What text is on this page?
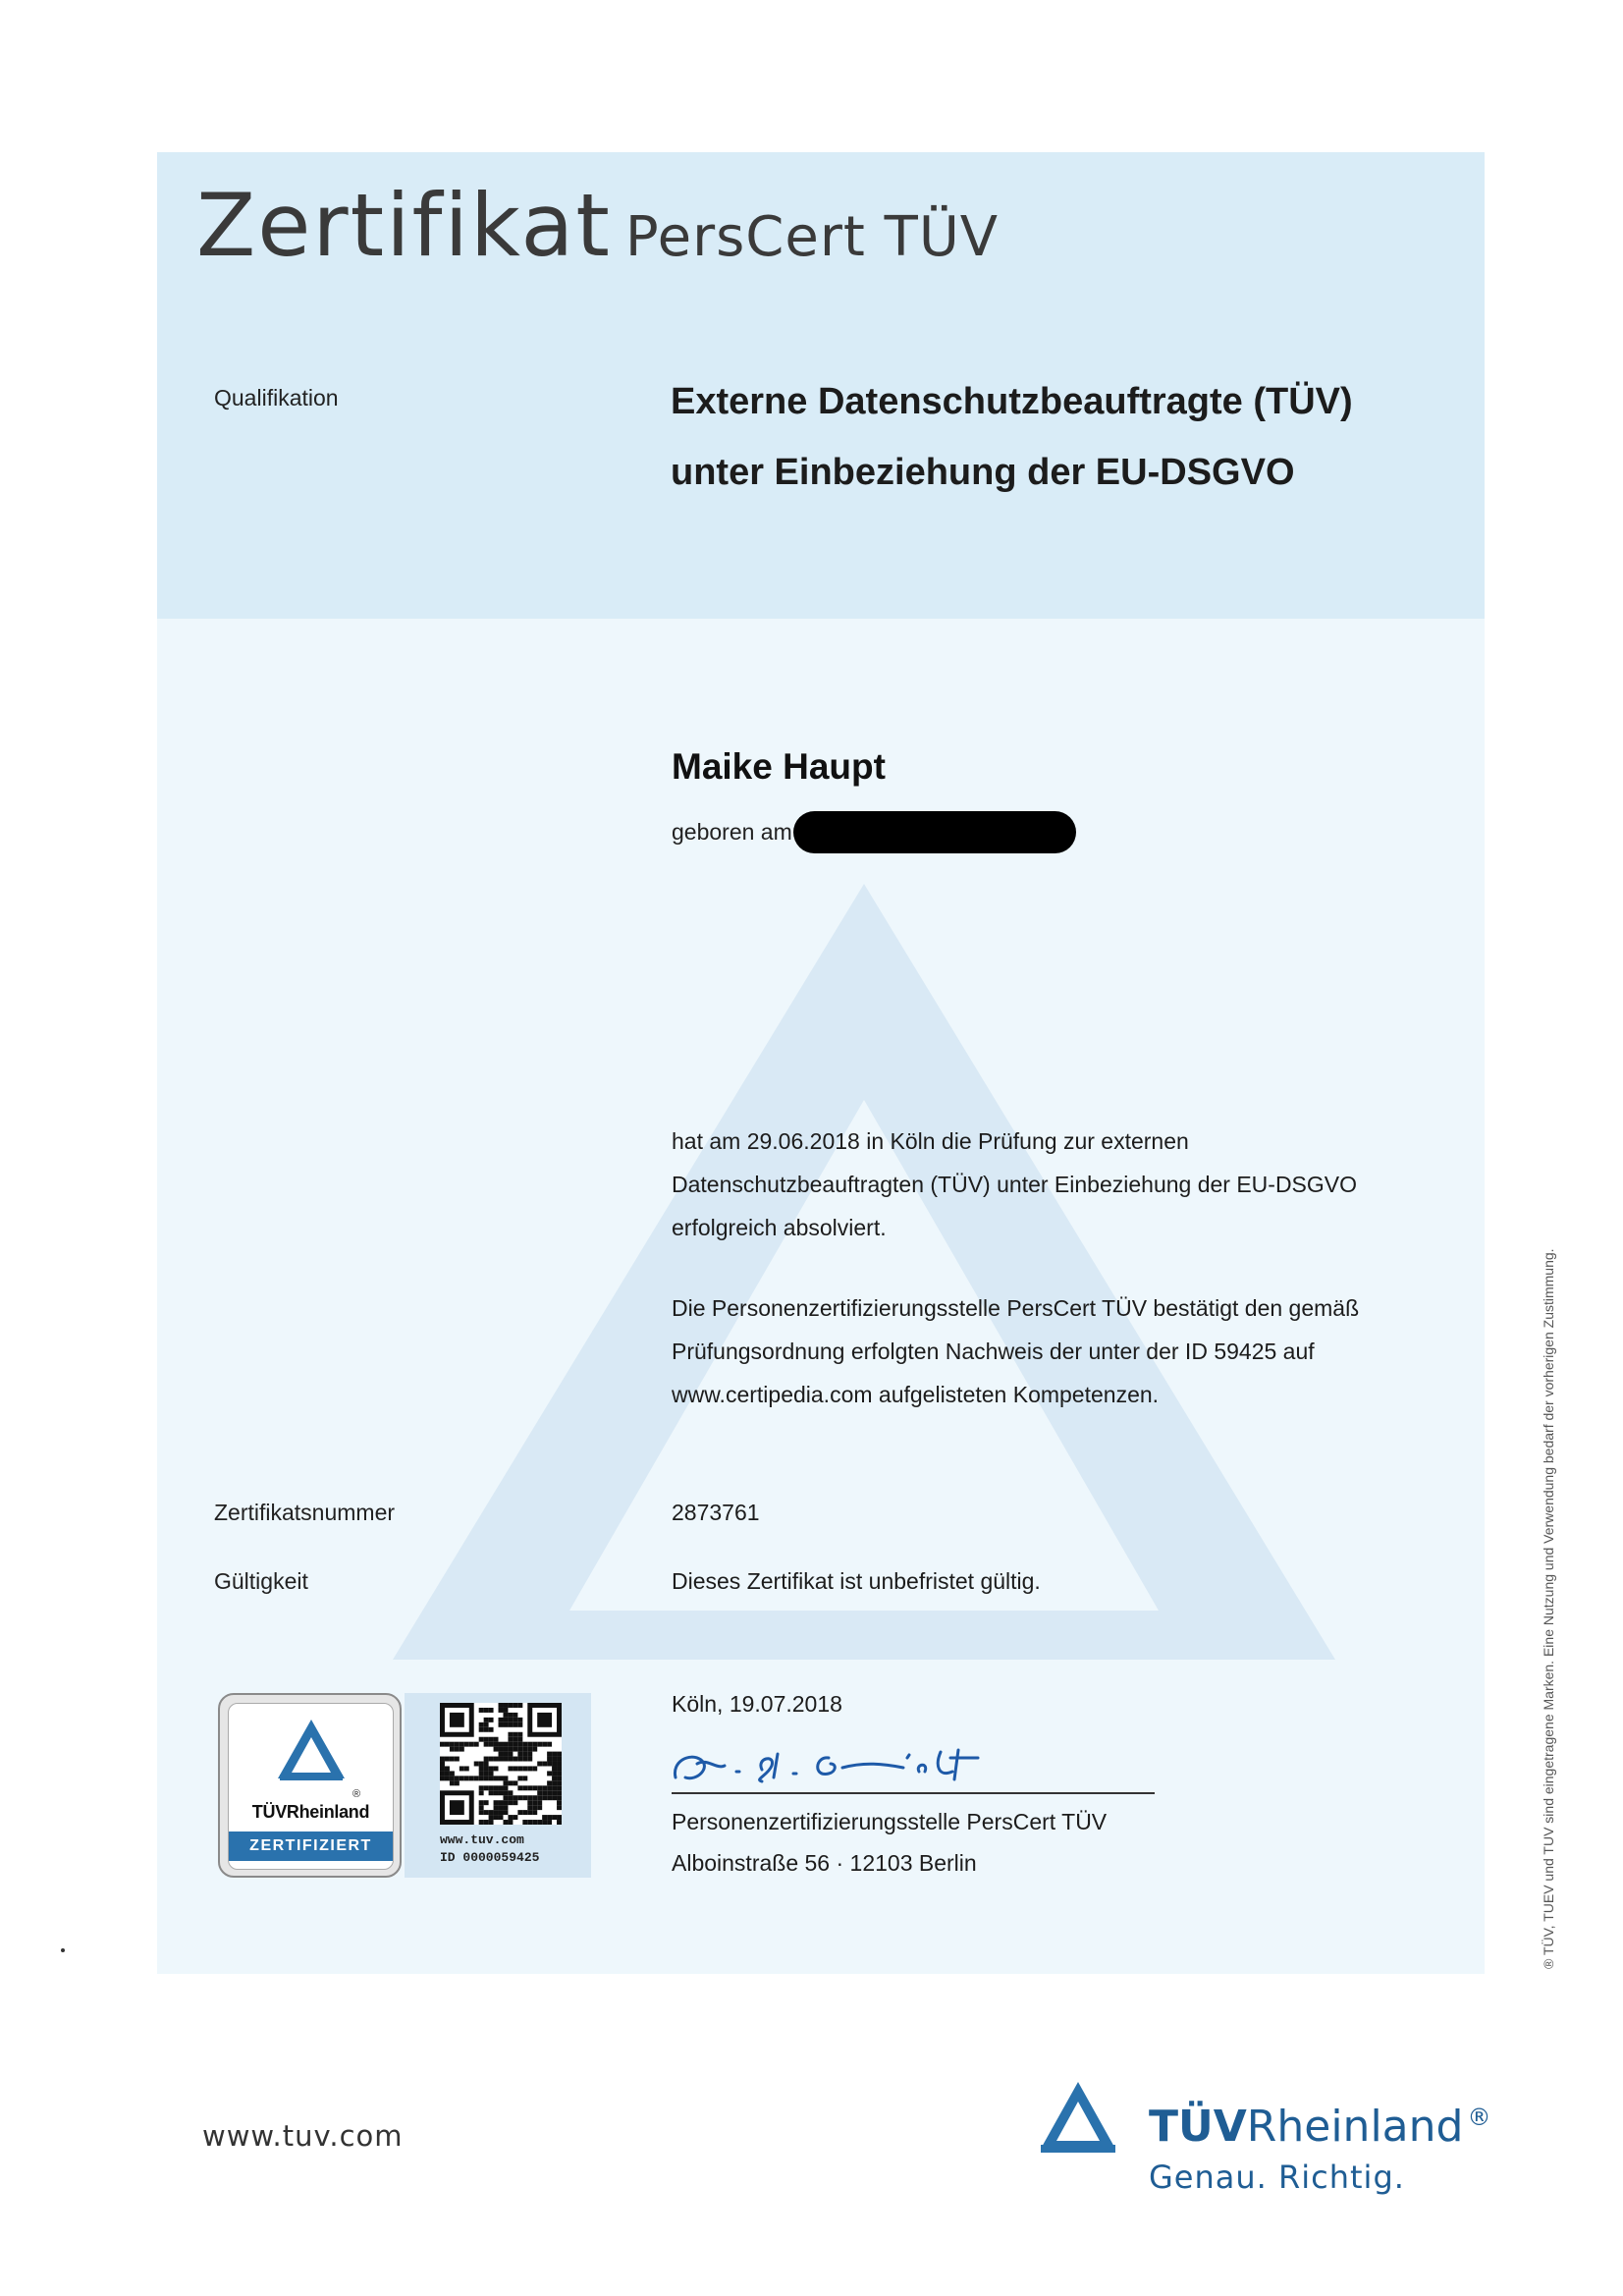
Zertifikat PersCert TÜV
Qualifikation	Externe Datenschutzbeauftragte (TÜV)
unter Einbeziehung der EU-DSGVO
Maike Haupt
geboren am
hat am 29.06.2018 in Köln die Prüfung zur externen Datenschutzbeauftragten (TÜV) unter Einbeziehung der EU-DSGVO erfolgreich absolviert.
Die Personenzertifizierungsstelle PersCert TÜV bestätigt den gemäß Prüfungsordnung erfolgten Nachweis der unter der ID 59425 auf www.certipedia.com aufgelisteten Kompetenzen.
Zertifikatsnummer	2873761
Gültigkeit	Dieses Zertifikat ist unbefristet gültig.
Köln, 19.07.2018
Personenzertifizierungsstelle PersCert TÜV
Alboinstraße 56 · 12103 Berlin
®
TÜVRheinland
ZERTIFIZIERT	www.tuv.com
ID 0000059425	® TÜV, TUEV und TUV sind eingetragene Marken. Eine Nutzung und Verwendung bedarf der vorherigen Zustimmung.
www.tuv.com	TÜVRheinland ®
Genau. Richtig.
